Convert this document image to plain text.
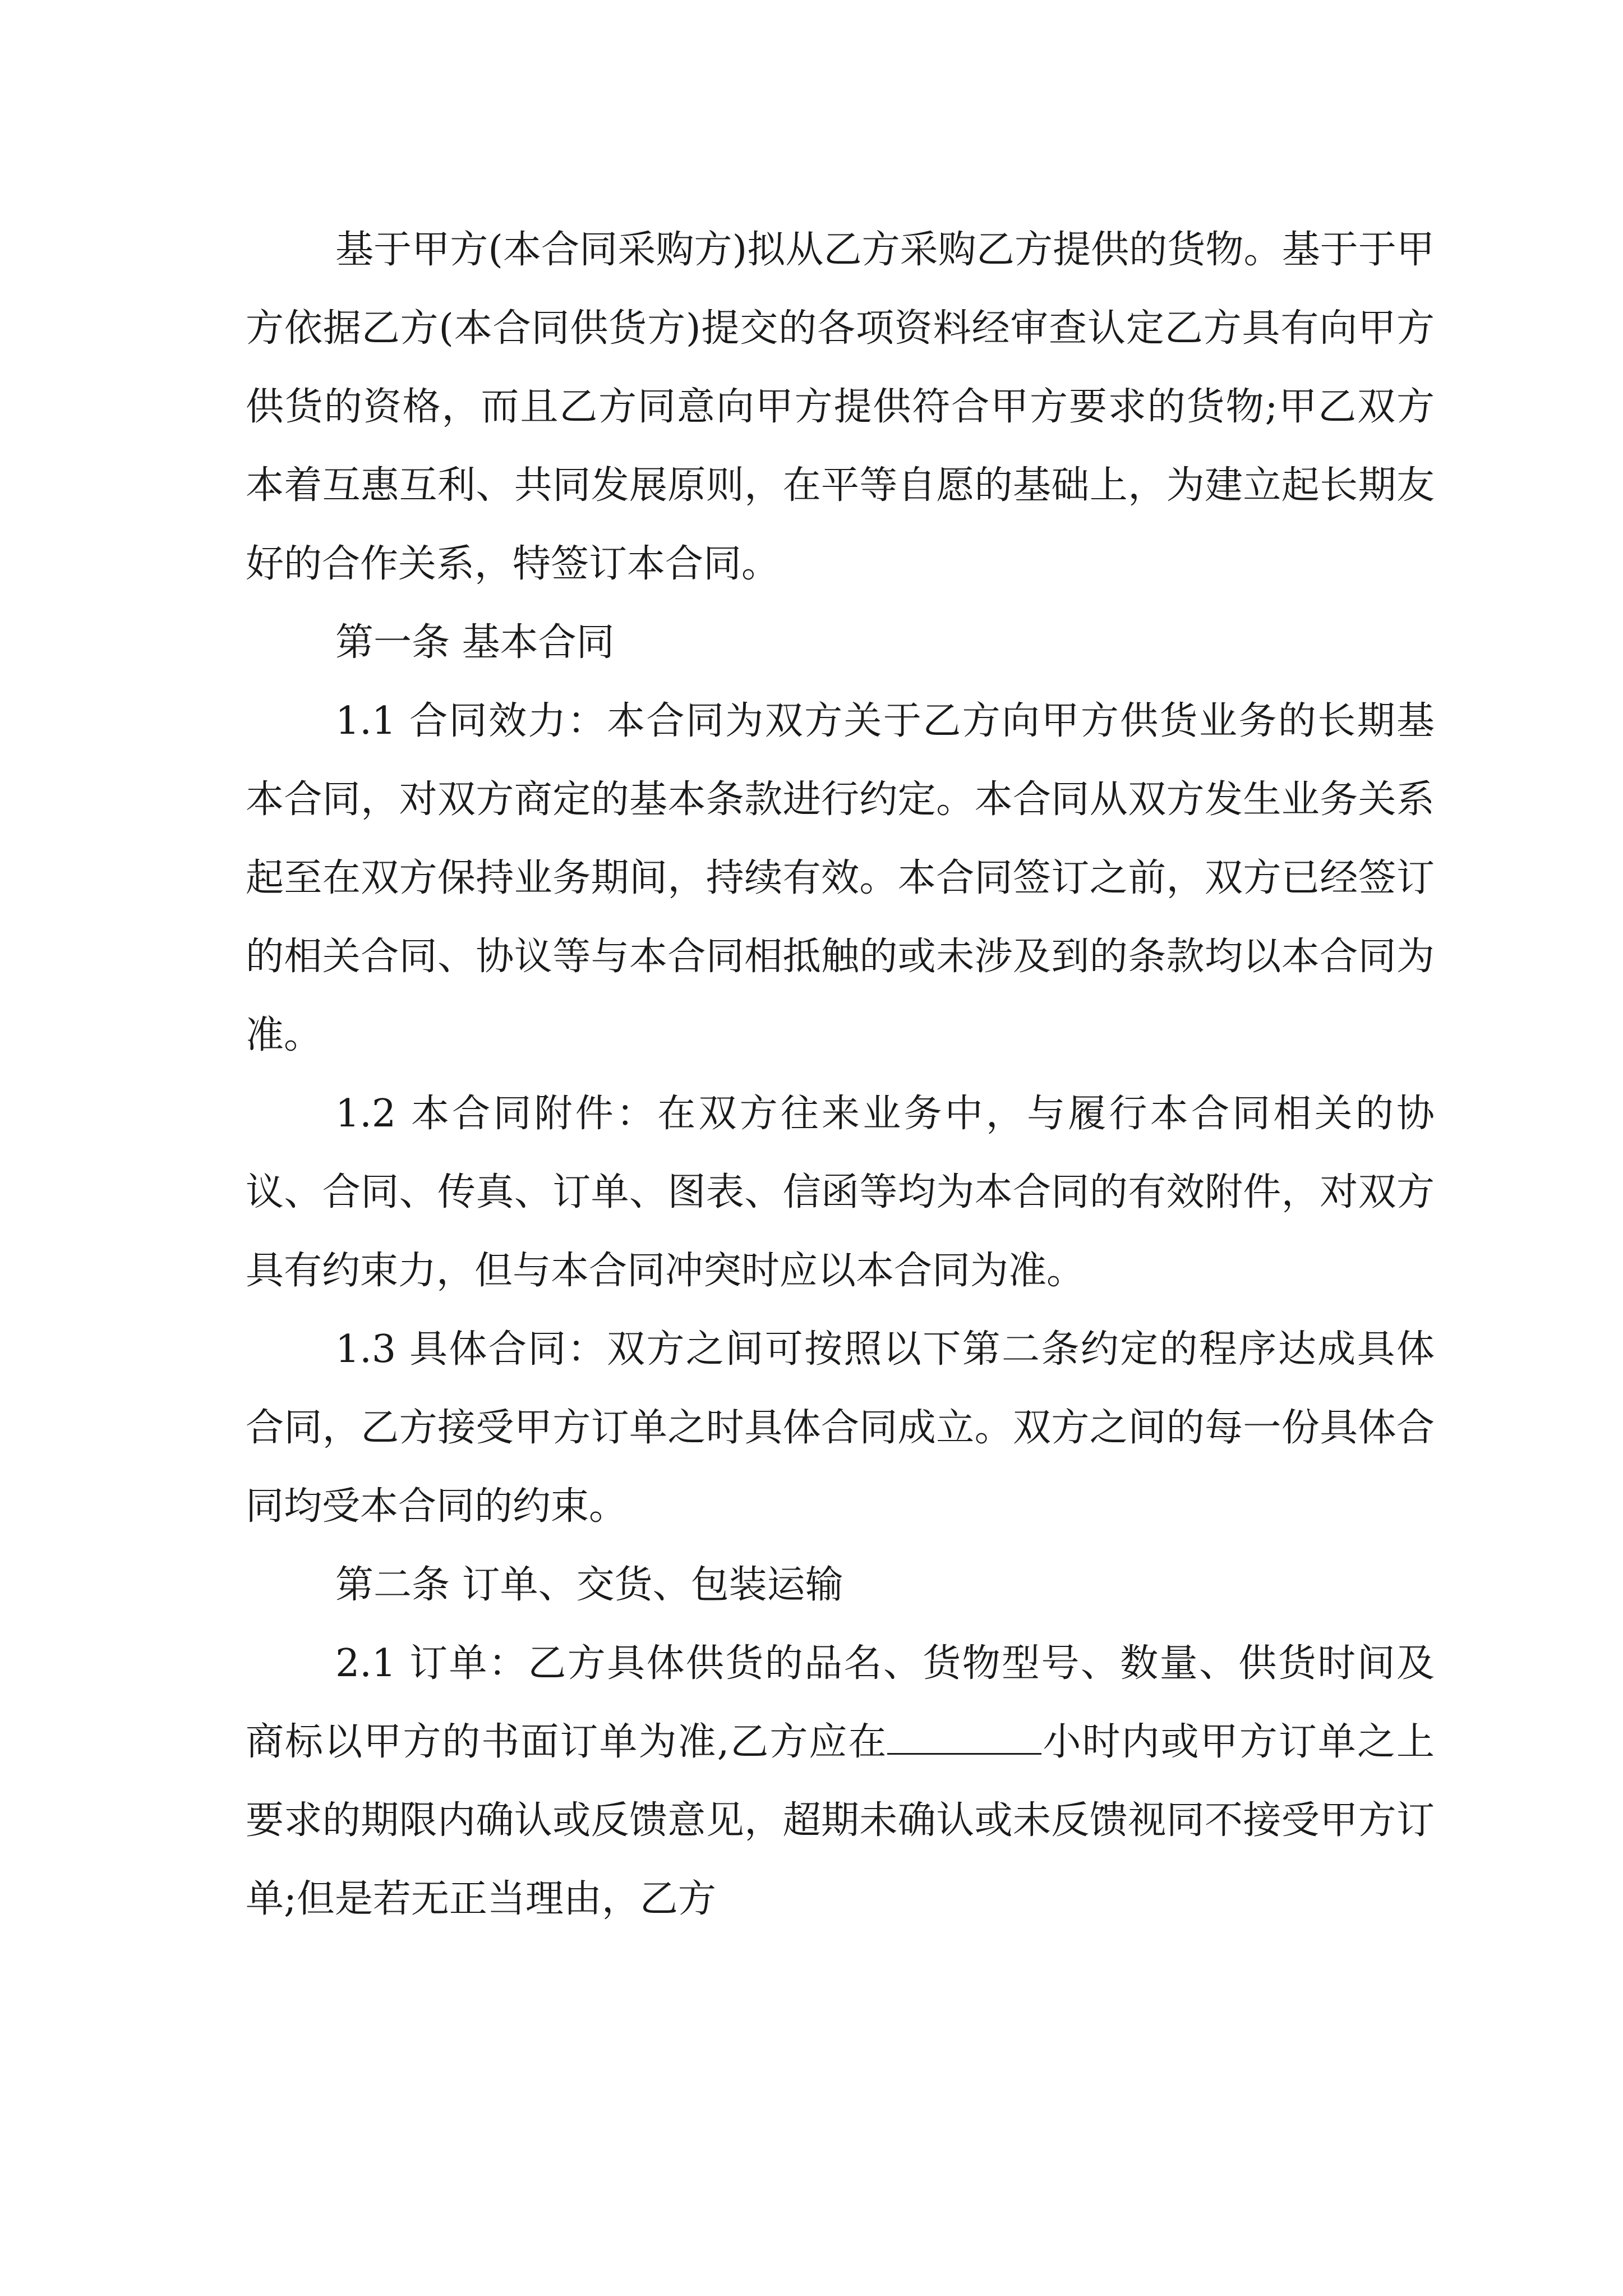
基于甲方(本合同采购方)拟从乙方采购乙方提供的货物。基于于甲方依据乙方(本合同供货方)提交的各项资料经审查认定乙方具有向甲方供货的资格，而且乙方同意向甲方提供符合甲方要求的货物;甲乙双方本着互惠互利、共同发展原则，在平等自愿的基础上，为建立起长期友好的合作关系，特签订本合同。

第一条 基本合同

1.1 合同效力：本合同为双方关于乙方向甲方供货业务的长期基本合同，对双方商定的基本条款进行约定。本合同从双方发生业务关系起至在双方保持业务期间，持续有效。本合同签订之前，双方已经签订的相关合同、协议等与本合同相抵触的或未涉及到的条款均以本合同为准。

1.2 本合同附件：在双方往来业务中，与履行本合同相关的协议、合同、传真、订单、图表、信函等均为本合同的有效附件，对双方具有约束力，但与本合同冲突时应以本合同为准。

1.3 具体合同：双方之间可按照以下第二条约定的程序达成具体合同，乙方接受甲方订单之时具体合同成立。双方之间的每一份具体合同均受本合同的约束。

第二条 订单、交货、包装运输

2.1 订单：乙方具体供货的品名、货物型号、数量、供货时间及商标以甲方的书面订单为准,乙方应在	小时内或甲方订单之上要求的期限内确认或反馈意见，超期未确认或未反馈视同不接受甲方订单;但是若无正当理由，乙方
